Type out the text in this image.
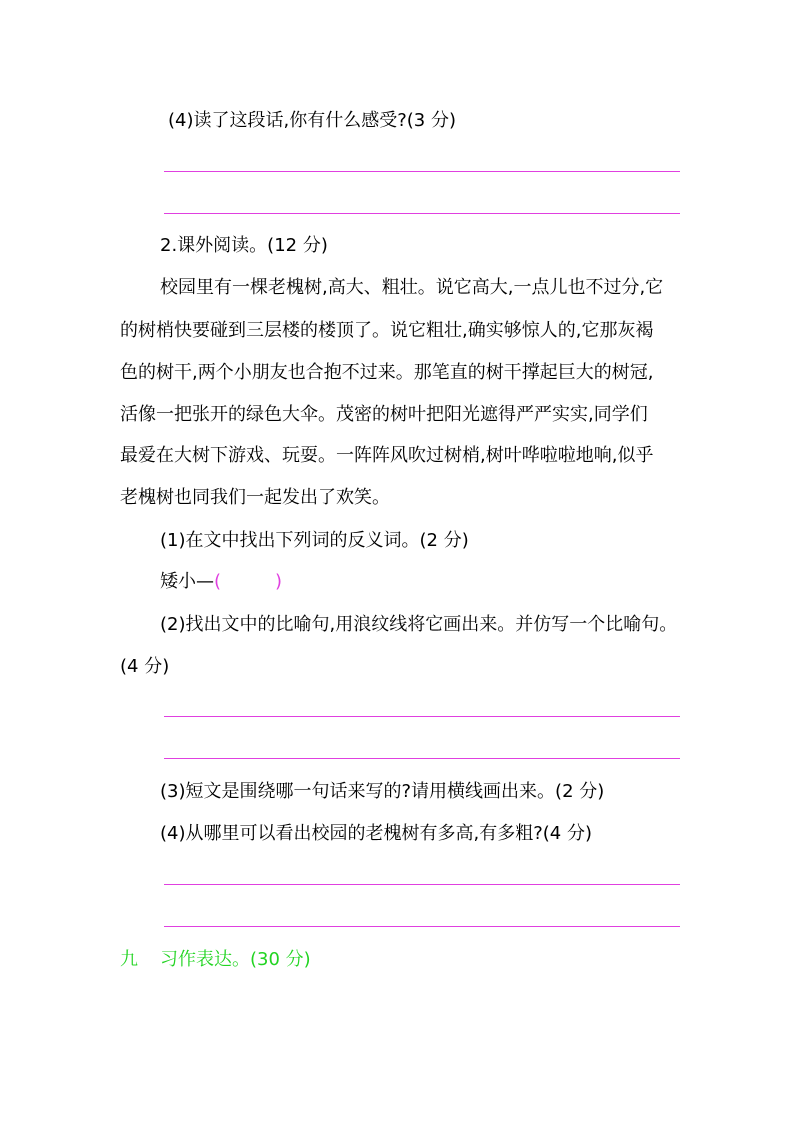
(4)读了这段话,你有什么感受?(3 分)
2.课外阅读。(12 分)
校园里有一棵老槐树,高大、粗壮。说它高大,一点儿也不过分,它
的树梢快要碰到三层楼的楼顶了。说它粗壮,确实够惊人的,它那灰褐
色的树干,两个小朋友也合抱不过来。那笔直的树干撑起巨大的树冠,
活像一把张开的绿色大伞。茂密的树叶把阳光遮得严严实实,同学们
最爱在大树下游戏、玩耍。一阵阵风吹过树梢,树叶哗啦啦地响,似乎
老槐树也同我们一起发出了欢笑。
(1)在文中找出下列词的反义词。(2 分)
矮小—(	)
(2)找出文中的比喻句,用浪纹线将它画出来。并仿写一个比喻句。
(4 分)
(3)短文是围绕哪一句话来写的?请用横线画出来。(2 分)
(4)从哪里可以看出校园的老槐树有多高,有多粗?(4 分)
九 习作表达。(30 分)
